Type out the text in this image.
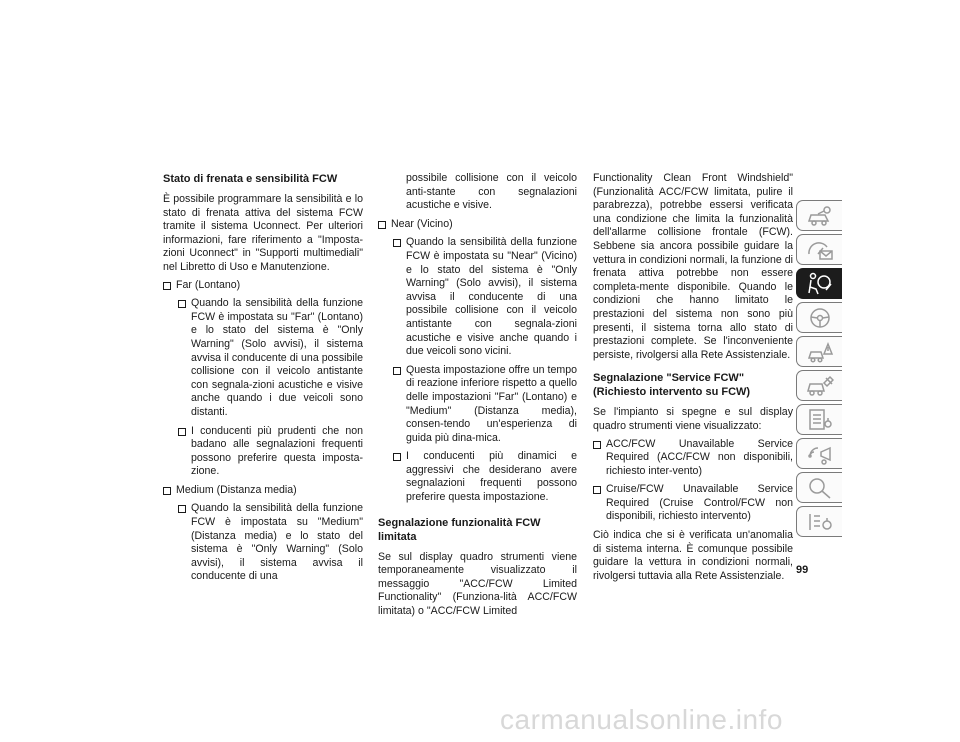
Stato di frenata e sensibilità FCW
È possibile programmare la sensibilità e lo stato di frenata attiva del sistema FCW tramite il sistema Uconnect. Per ulteriori informazioni, fare riferimento a "Imposta-zioni Uconnect" in "Supporti multimediali" nel Libretto di Uso e Manutenzione.
Far (Lontano)
Quando la sensibilità della funzione FCW è impostata su "Far" (Lontano) e lo stato del sistema è "Only Warning" (Solo avvisi), il sistema avvisa il conducente di una possibile collisione con il veicolo antistante con segnala-zioni acustiche e visive anche quando i due veicoli sono distanti.
I conducenti più prudenti che non badano alle segnalazioni frequenti possono preferire questa imposta-zione.
Medium (Distanza media)
Quando la sensibilità della funzione FCW è impostata su "Medium" (Distanza media) e lo stato del sistema è "Only Warning" (Solo avvisi), il sistema avvisa il conducente di una
possibile collisione con il veicolo anti-stante con segnalazioni acustiche e visive.
Near (Vicino)
Quando la sensibilità della funzione FCW è impostata su "Near" (Vicino) e lo stato del sistema è "Only Warning" (Solo avvisi), il sistema avvisa il conducente di una possibile collisione con il veicolo antistante con segnala-zioni acustiche e visive anche quando i due veicoli sono vicini.
Questa impostazione offre un tempo di reazione inferiore rispetto a quello delle impostazioni "Far" (Lontano) e "Medium" (Distanza media), consen-tendo un'esperienza di guida più dina-mica.
I conducenti più dinamici e aggressivi che desiderano avere segnalazioni frequenti possono preferire questa impostazione.
Segnalazione funzionalità FCW limitata
Se sul display quadro strumenti viene temporaneamente visualizzato il messaggio "ACC/FCW Limited Functionality" (Funziona-lità ACC/FCW limitata) o "ACC/FCW Limited
Functionality Clean Front Windshield" (Funzionalità ACC/FCW limitata, pulire il parabrezza), potrebbe essersi verificata una condizione che limita la funzionalità dell'allarme collisione frontale (FCW). Sebbene sia ancora possibile guidare la vettura in condizioni normali, la funzione di frenata attiva potrebbe non essere completa-mente disponibile. Quando le condizioni che hanno limitato le prestazioni del sistema non sono più presenti, il sistema torna allo stato di prestazioni complete. Se l'inconveniente persiste, rivolgersi alla Rete Assistenziale.
Segnalazione "Service FCW" (Richiesto intervento su FCW)
Se l'impianto si spegne e sul display quadro strumenti viene visualizzato:
ACC/FCW Unavailable Service Required (ACC/FCW non disponibili, richiesto inter-vento)
Cruise/FCW Unavailable Service Required (Cruise Control/FCW non disponibili, richiesto intervento)
Ciò indica che si è verificata un'anomalia di sistema interna. È comunque possibile guidare la vettura in condizioni normali, rivolgersi tuttavia alla Rete Assistenziale.	99
carmanualsonline.info
